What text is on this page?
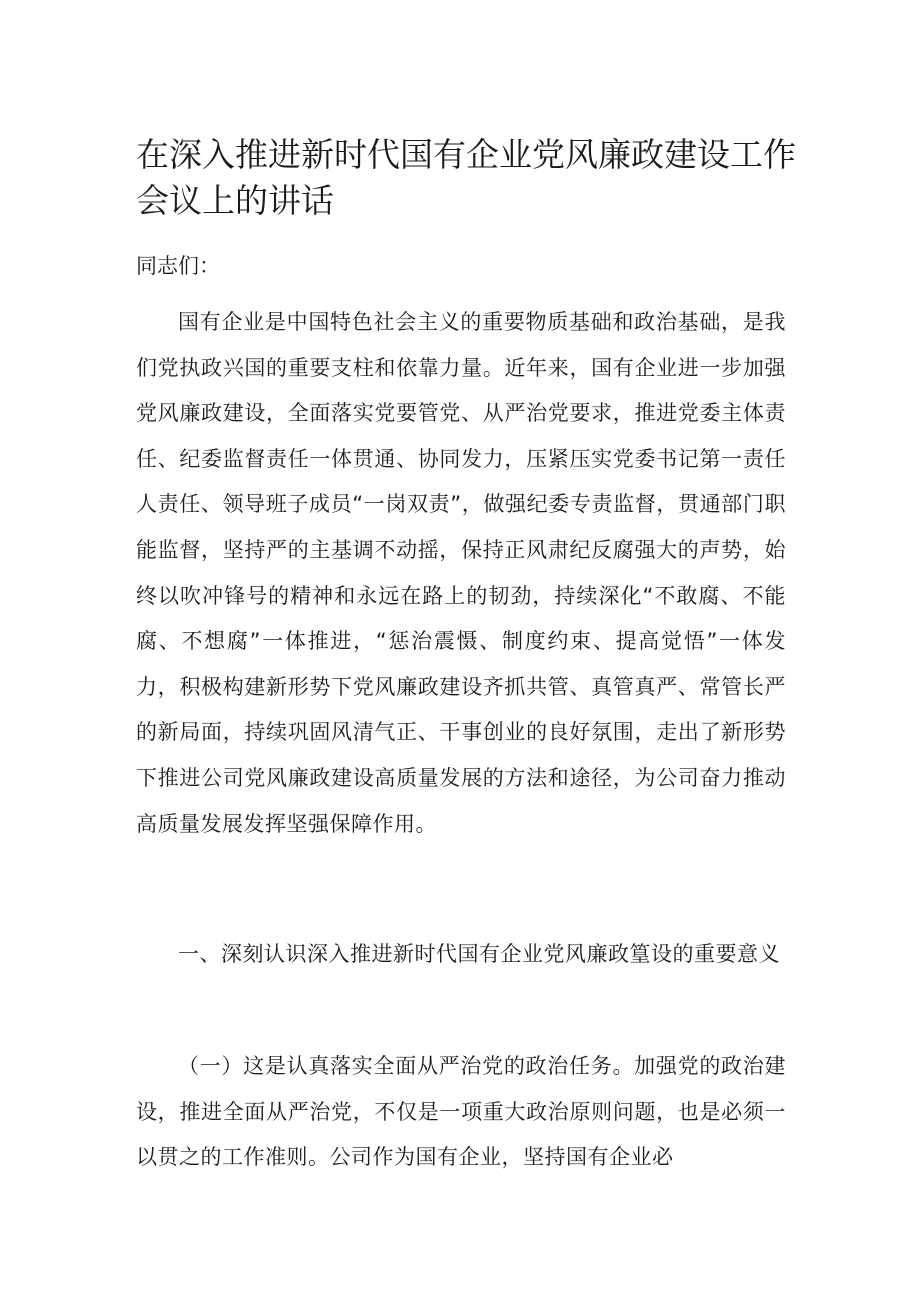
在深入推进新时代国有企业党风廉政建设工作会议上的讲话

同志们：

国有企业是中国特色社会主义的重要物质基础和政治基础，是我们党执政兴国的重要支柱和依靠力量。近年来，国有企业进一步加强党风廉政建设，全面落实党要管党、从严治党要求，推进党委主体责任、纪委监督责任一体贯通、协同发力，压紧压实党委书记第一责任人责任、领导班子成员“一岗双责”，做强纪委专责监督，贯通部门职能监督，坚持严的主基调不动摇，保持正风肃纪反腐强大的声势，始终以吹冲锋号的精神和永远在路上的韧劲，持续深化“不敢腐、不能腐、不想腐”一体推进，“惩治震慑、制度约束、提高觉悟”一体发力，积极构建新形势下党风廉政建设齐抓共管、真管真严、常管长严的新局面，持续巩固风清气正、干事创业的良好氛围，走出了新形势下推进公司党风廉政建设高质量发展的方法和途径，为公司奋力推动高质量发展发挥坚强保障作用。

一、深刻认识深入推进新时代国有企业党风廉政篁设的重要意义

（一）这是认真落实全面从严治党的政治任务。加强党的政治建设，推进全面从严治党，不仅是一项重大政治原则问题，也是必须一以贯之的工作准则。公司作为国有企业，坚持国有企业必
